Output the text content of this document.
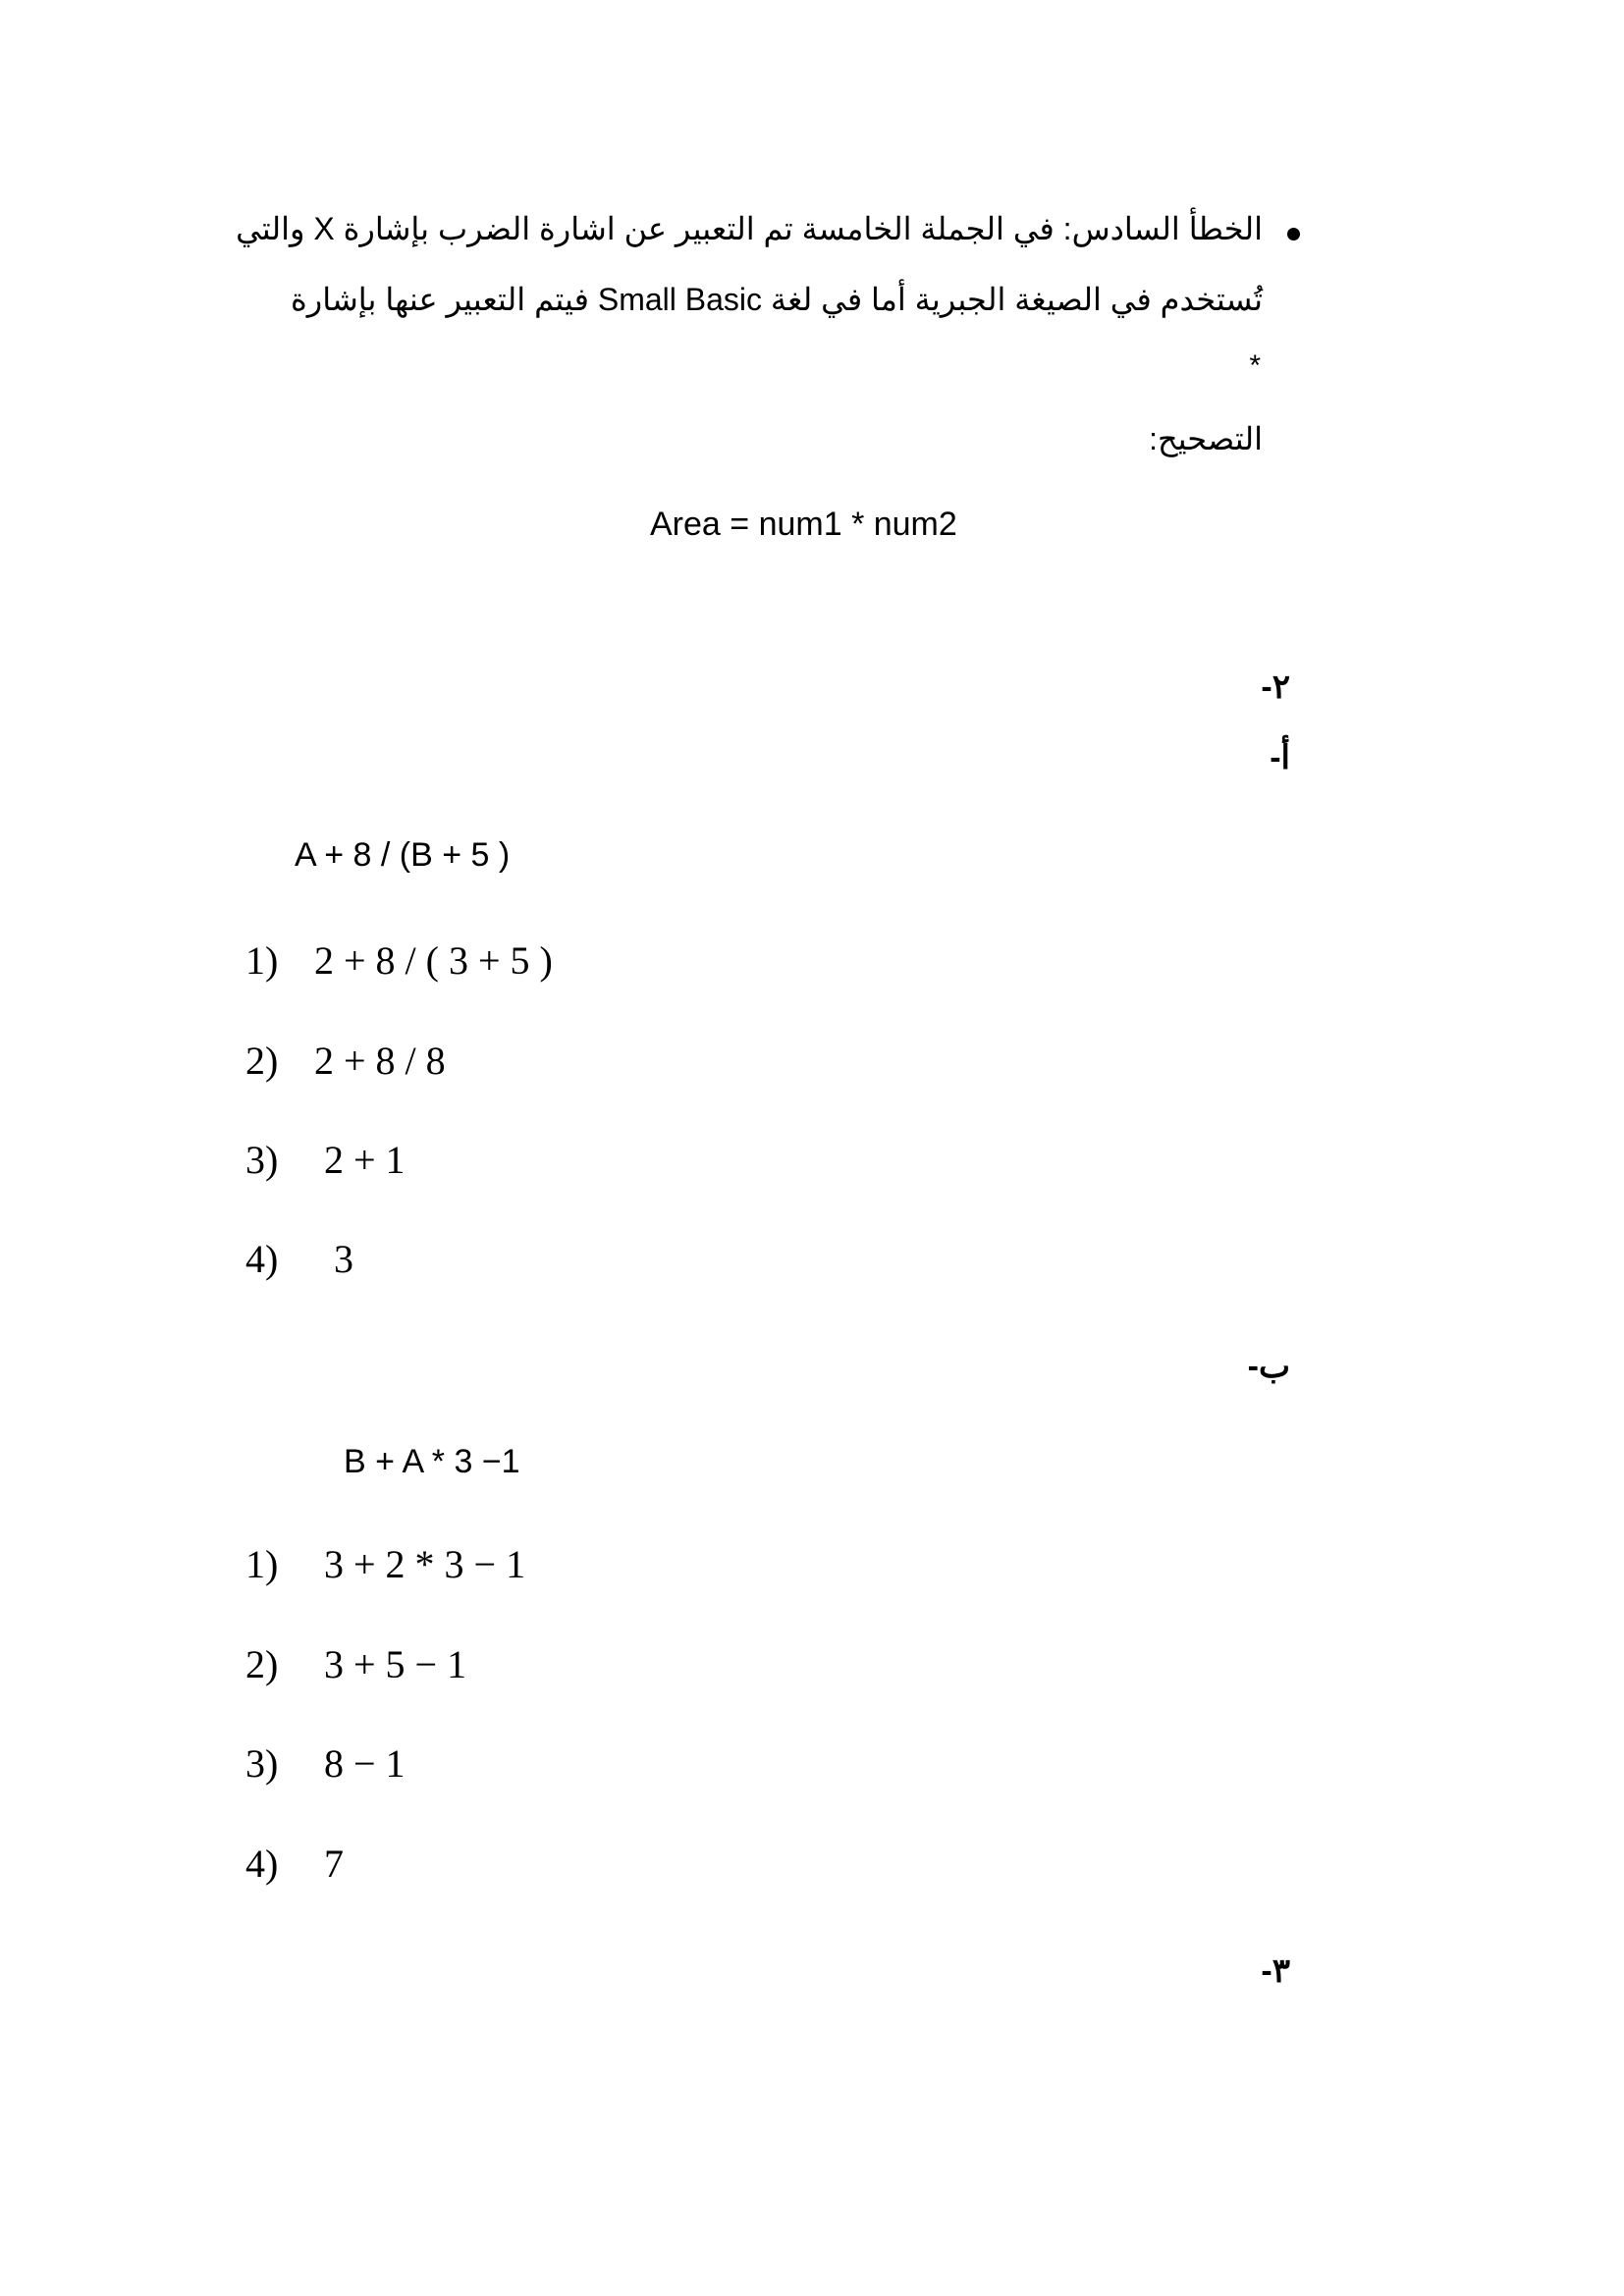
الخطأ السادس: في الجملة الخامسة تم التعبير عن اشارة الضرب بإشارة X والتي
تُستخدم في الصيغة الجبرية أما في لغة Small Basic فيتم التعبير عنها بإشارة
*
التصحيح:
Area = num1 * num2
٢-
أ-
A + 8 / (B + 5 )
1) 2 + 8 / ( 3 + 5 )
2) 2 + 8 / 8
3) 2 + 1
4)  3
ب-
B + A * 3 −1
1) 3 + 2 * 3 − 1
2) 3 + 5 − 1
3) 8 − 1
4) 7
٣-
